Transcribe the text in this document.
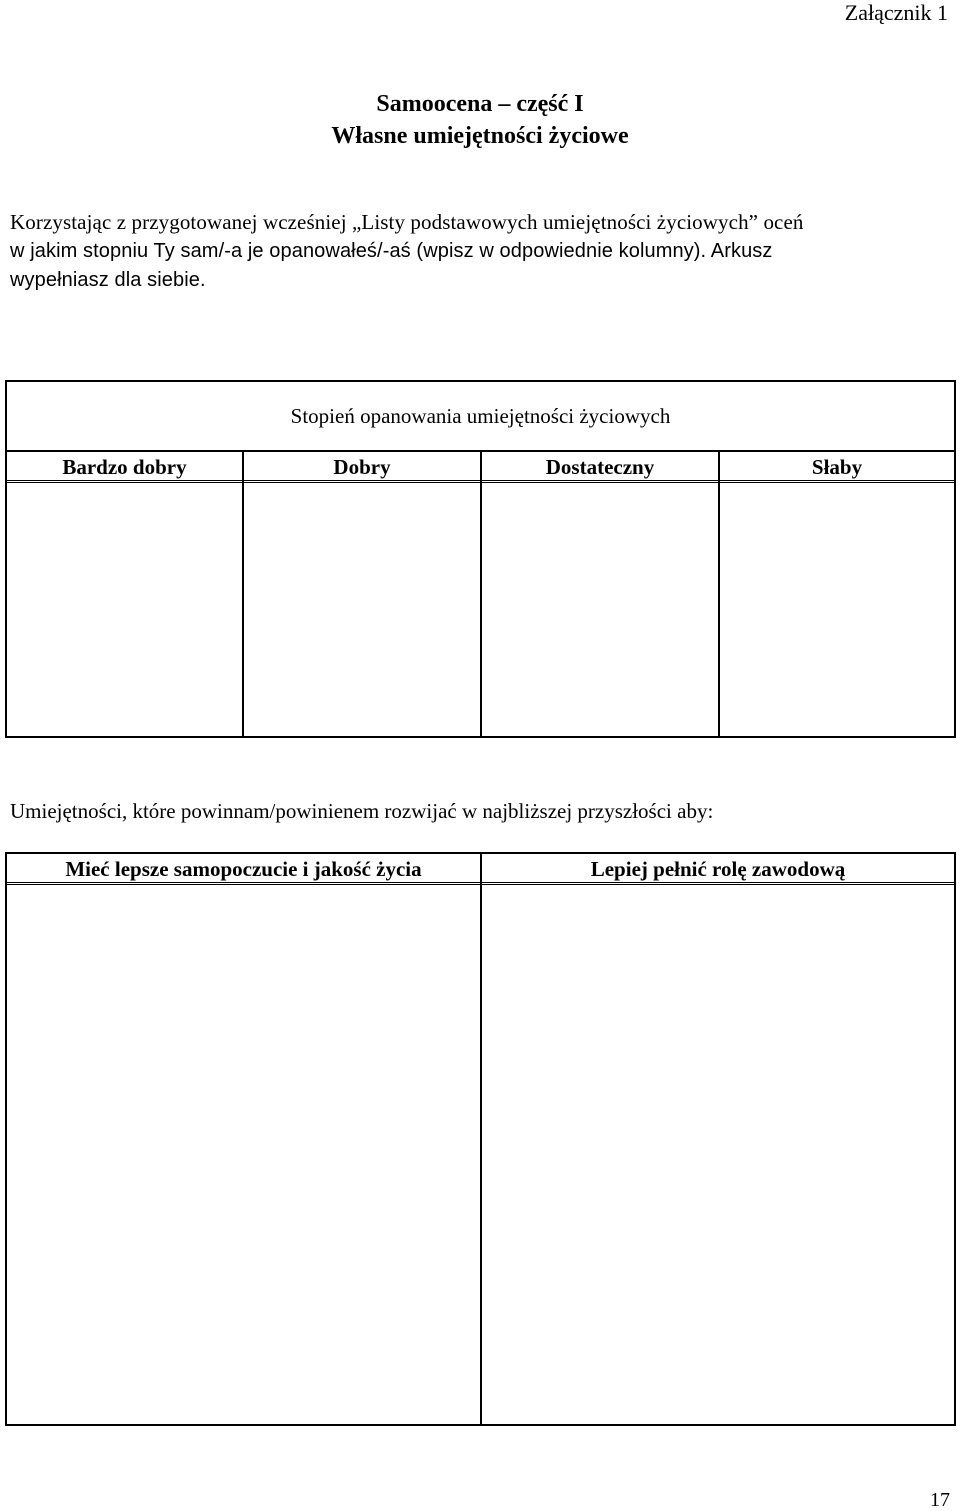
Załącznik 1
Samoocena – część I
Własne umiejętności życiowe
Korzystając z przygotowanej wcześniej „Listy podstawowych umiejętności życiowych” oceń
w jakim stopniu Ty sam/-a je opanowałeś/-aś (wpisz w odpowiednie kolumny). Arkusz
wypełniasz dla siebie.
Stopień opanowania umiejętności życiowych
Bardzo dobry	Dobry	Dostateczny	Słaby
Umiejętności, które powinnam/powinienem rozwijać w najbliższej przyszłości aby:
Mieć lepsze samopoczucie i jakość życia	Lepiej pełnić rolę zawodową
17
